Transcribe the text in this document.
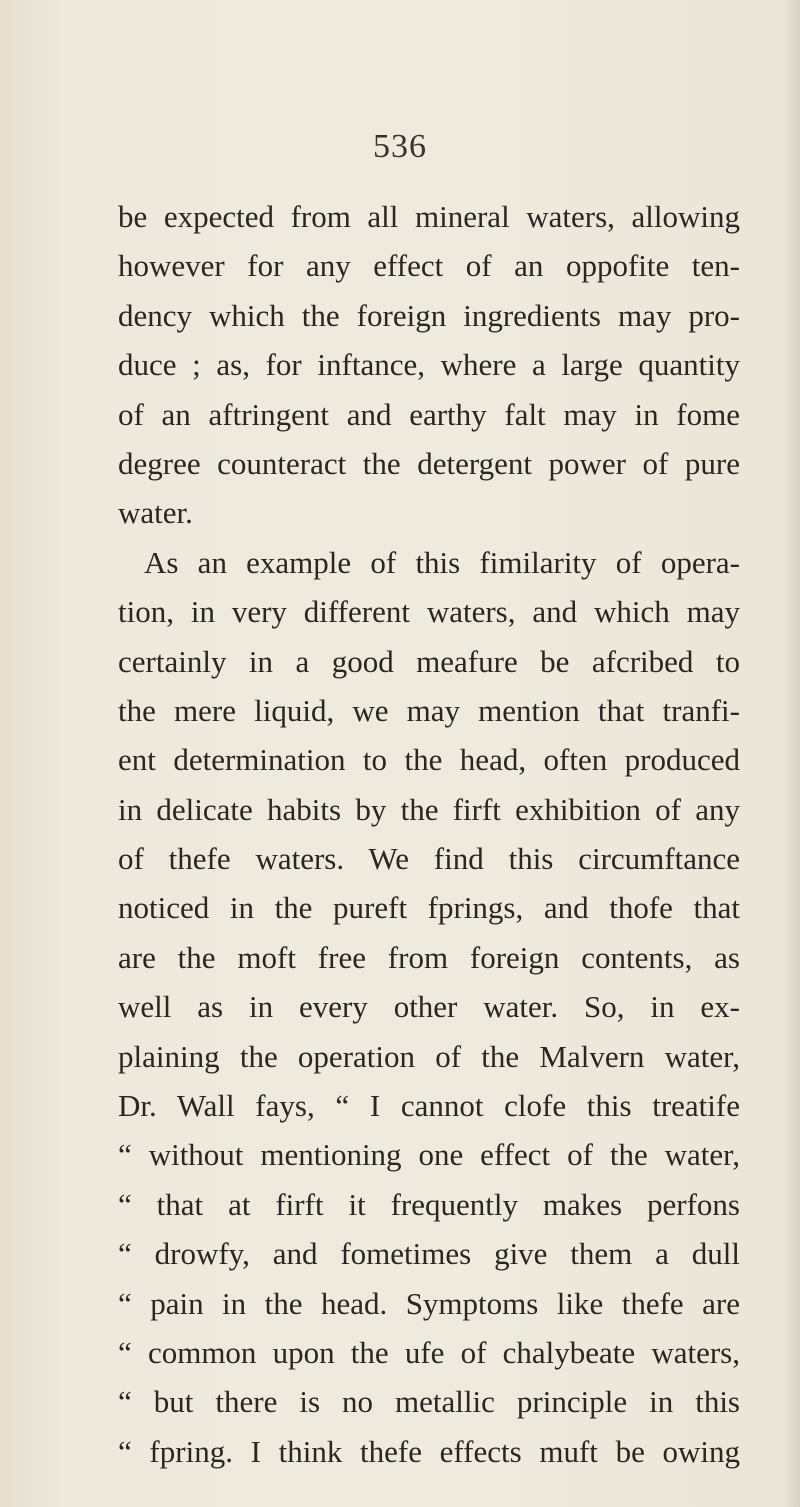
536
be expected from all mineral waters, allowing
however for any effect of an oppofite ten-
dency which the foreign ingredients may pro-
duce ; as, for inftance, where a large quantity
of an aftringent and earthy falt may in fome
degree counteract the detergent power of pure
water.
As an example of this fimilarity of opera-
tion, in very different waters, and which may
certainly in a good meafure be afcribed to
the mere liquid, we may mention that tranfi-
ent determination to the head, often produced
in delicate habits by the firft exhibition of any
of thefe waters. We find this circumftance
noticed in the pureft fprings, and thofe that
are the moft free from foreign contents, as
well as in every other water. So, in ex-
plaining the operation of the Malvern water,
Dr. Wall fays, “ I cannot clofe this treatife
“ without mentioning one effect of the water,
“ that at firft it frequently makes perfons
“ drowfy, and fometimes give them a dull
“ pain in the head. Symptoms like thefe are
“ common upon the ufe of chalybeate waters,
“ but there is no metallic principle in this
“ fpring. I think thefe effects muft be owing
